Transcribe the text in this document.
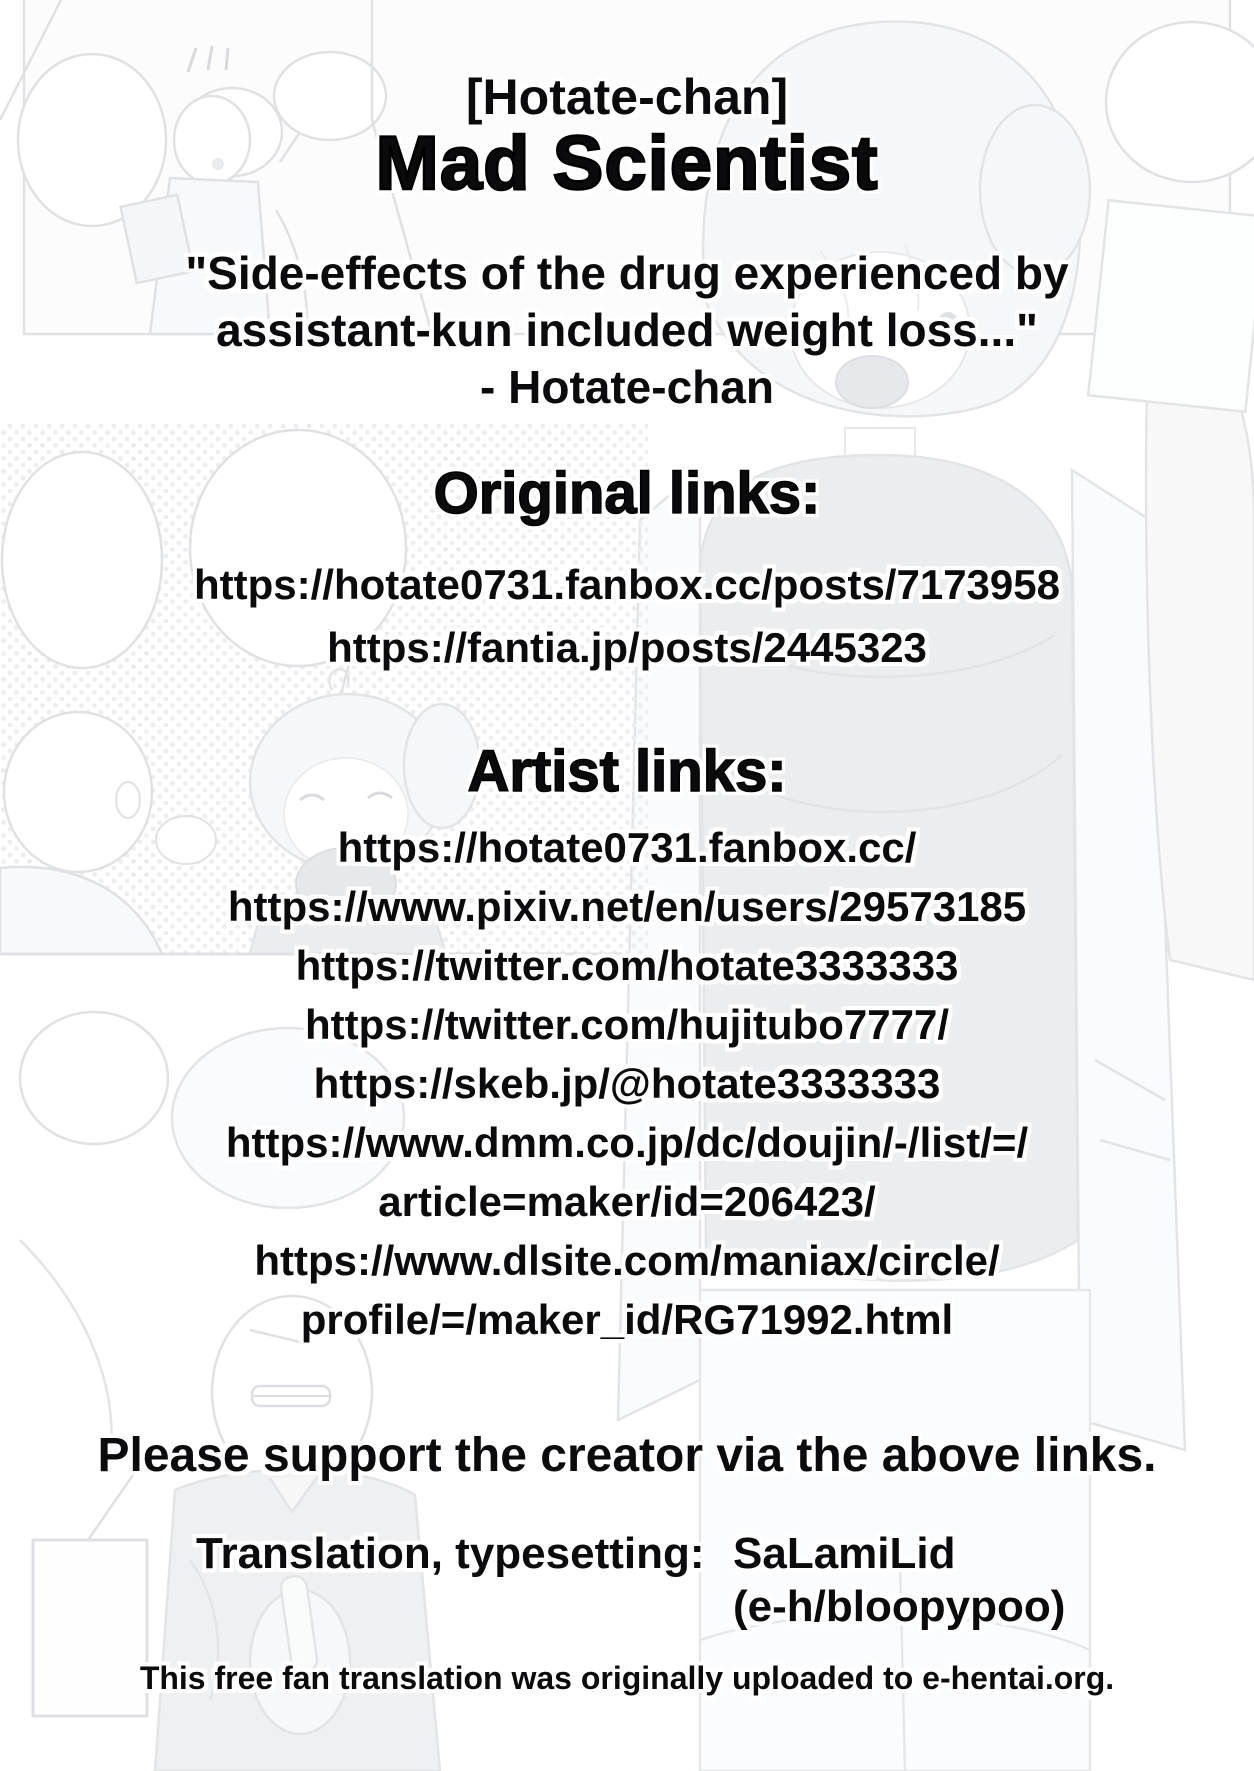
[Hotate-chan]
Mad Scientist
"Side-effects of the drug experienced by
assistant-kun included weight loss..."
- Hotate-chan
Original links:
https://hotate0731.fanbox.cc/posts/7173958
https://fantia.jp/posts/2445323
Artist links:
https://hotate0731.fanbox.cc/
https://www.pixiv.net/en/users/29573185
https://twitter.com/hotate3333333
https://twitter.com/hujitubo7777/
https://skeb.jp/@hotate3333333
https://www.dmm.co.jp/dc/doujin/-/list/=/article=maker/id=206423/
https://www.dlsite.com/maniax/circle/profile/=/maker_id/RG71992.html
Please support the creator via the above links.
Translation, typesetting: SaLamiLid
(e-h/bloopypoo)
This free fan translation was originally uploaded to e-hentai.org.
